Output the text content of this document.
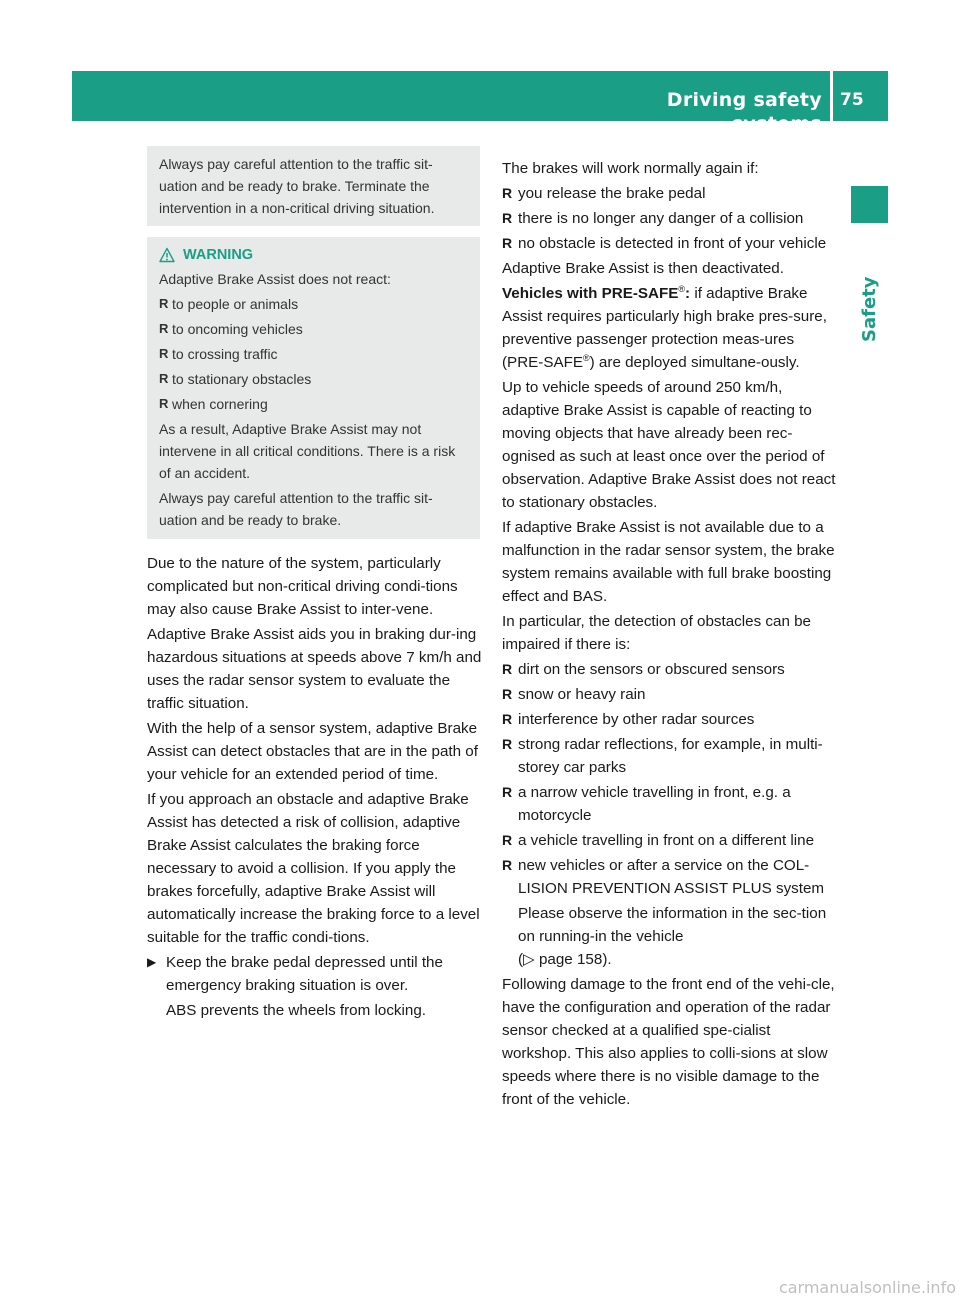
Driving safety systems
75
Safety
Always pay careful attention to the traffic sit-uation and be ready to brake. Terminate the intervention in a non-critical driving situation.
WARNING

Adaptive Brake Assist does not react:

R to people or animals
R to oncoming vehicles
R to crossing traffic
R to stationary obstacles
R when cornering

As a result, Adaptive Brake Assist may not intervene in all critical conditions. There is a risk of an accident.

Always pay careful attention to the traffic sit-uation and be ready to brake.

Due to the nature of the system, particularly complicated but non-critical driving condi-tions may also cause Brake Assist to inter-vene.

Adaptive Brake Assist aids you in braking dur-ing hazardous situations at speeds above 7 km/h and uses the radar sensor system to evaluate the traffic situation.

With the help of a sensor system, adaptive Brake Assist can detect obstacles that are in the path of your vehicle for an extended period of time.

If you approach an obstacle and adaptive Brake Assist has detected a risk of collision, adaptive Brake Assist calculates the braking force necessary to avoid a collision. If you apply the brakes forcefully, adaptive Brake Assist will automatically increase the braking force to a level suitable for the traffic condi-tions.

▶ Keep the brake pedal depressed until the emergency braking situation is over.

ABS prevents the wheels from locking.

The brakes will work normally again if:

R you release the brake pedal
R there is no longer any danger of a collision
R no obstacle is detected in front of your vehicle

Adaptive Brake Assist is then deactivated.

Vehicles with PRE-SAFE®: if adaptive Brake Assist requires particularly high brake pres-sure, preventive passenger protection meas-ures (PRE-SAFE®) are deployed simultane-ously.

Up to vehicle speeds of around 250 km/h, adaptive Brake Assist is capable of reacting to moving objects that have already been rec-ognised as such at least once over the period of observation. Adaptive Brake Assist does not react to stationary obstacles.

If adaptive Brake Assist is not available due to a malfunction in the radar sensor system, the brake system remains available with full brake boosting effect and BAS.

In particular, the detection of obstacles can be impaired if there is:

R dirt on the sensors or obscured sensors
R snow or heavy rain
R interference by other radar sources
R strong radar reflections, for example, in multi-storey car parks
R a narrow vehicle travelling in front, e.g. a motorcycle
R a vehicle travelling in front on a different line
R new vehicles or after a service on the COL-LISION PREVENTION ASSIST PLUS system

Please observe the information in the sec-tion on running-in the vehicle
(▷ page 158).

Following damage to the front end of the vehi-cle, have the configuration and operation of the radar sensor checked at a qualified spe-cialist workshop. This also applies to colli-sions at slow speeds where there is no visible damage to the front of the vehicle.

carmanualsonline.info
